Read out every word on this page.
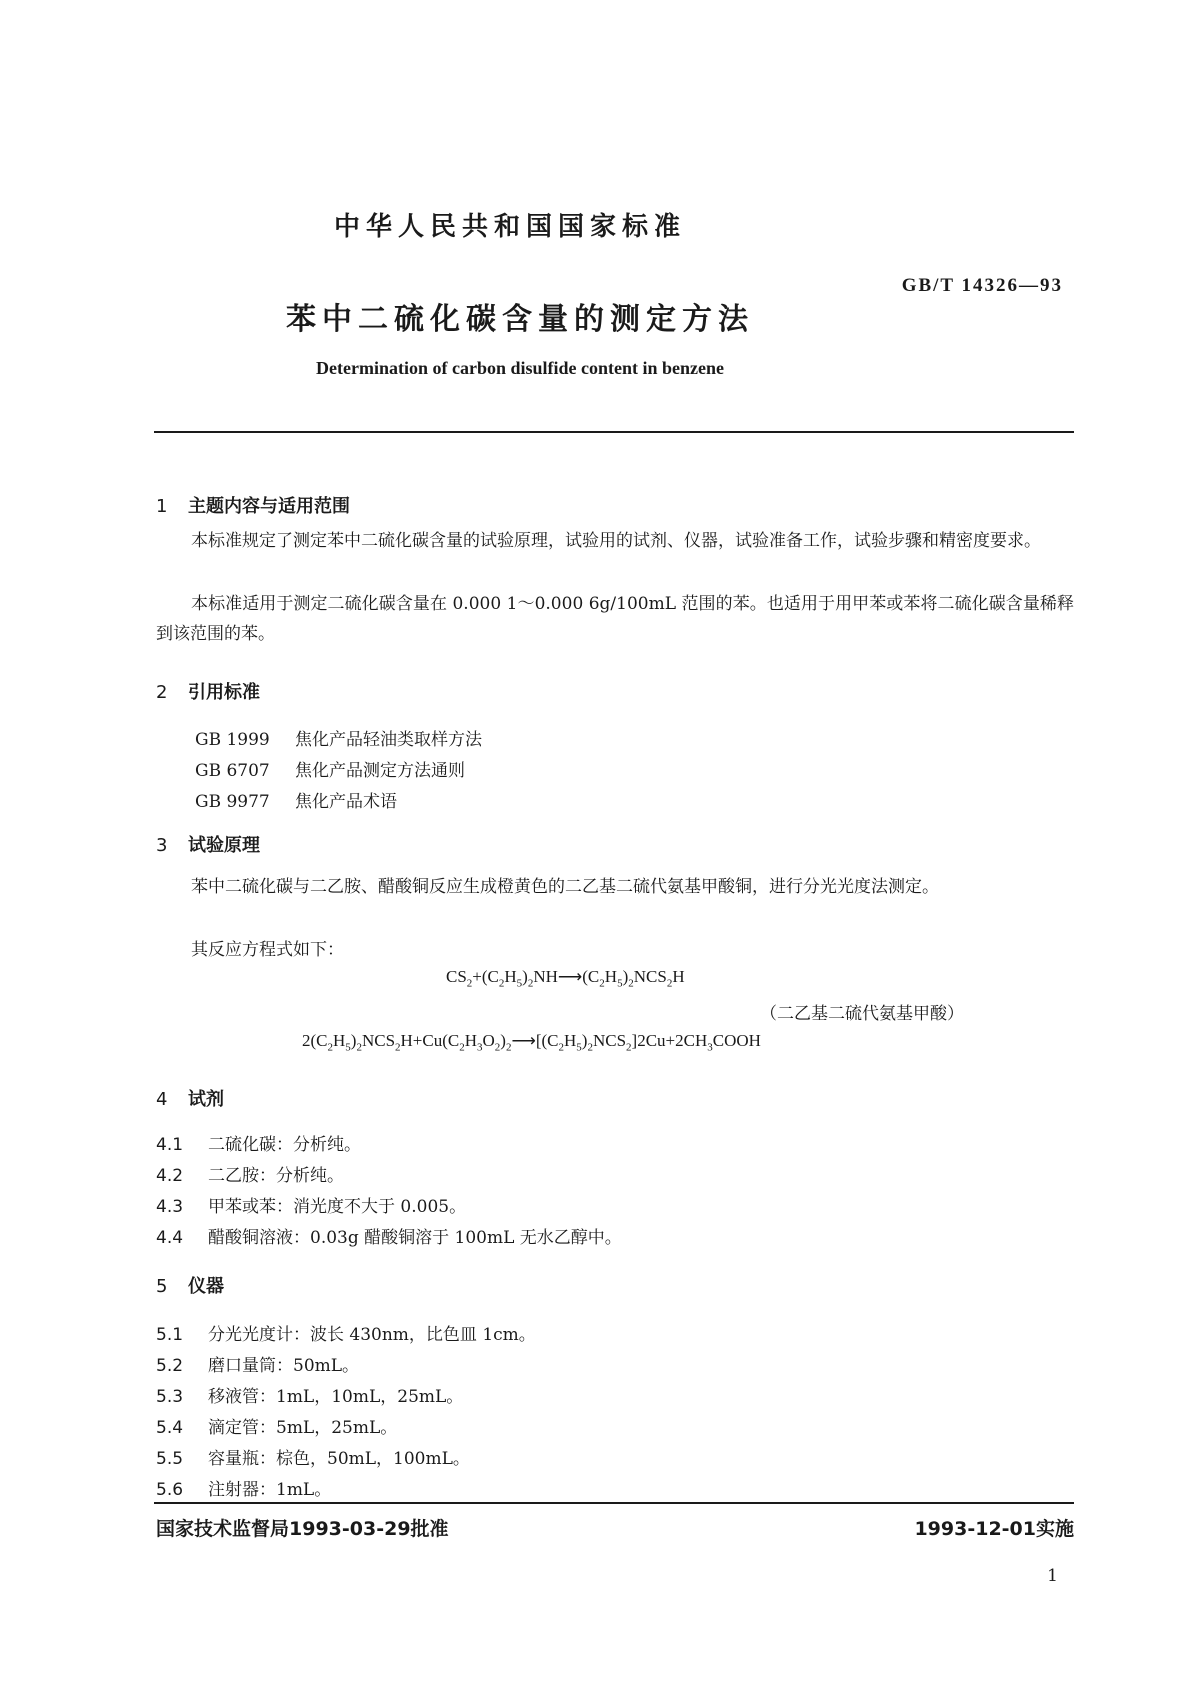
中华人民共和国国家标准
GB/T 14326—93
苯中二硫化碳含量的测定方法
Determination of carbon disulfide content in benzene
1 主题内容与适用范围
本标准规定了测定苯中二硫化碳含量的试验原理，试验用的试剂、仪器，试验准备工作，试验步骤和精密度要求。
本标准适用于测定二硫化碳含量在 0.000 1～0.000 6g/100mL 范围的苯。也适用于用甲苯或苯将二硫化碳含量稀释到该范围的苯。
2 引用标准
GB 1999 焦化产品轻油类取样方法
GB 6707 焦化产品测定方法通则
GB 9977 焦化产品术语
3 试验原理
苯中二硫化碳与二乙胺、醋酸铜反应生成橙黄色的二乙基二硫代氨基甲酸铜，进行分光光度法测定。
其反应方程式如下：
$CS_2+(C_2H_5)_2NH⟶(C_2H_5)_2NCS_2H$
（二乙基二硫代氨基甲酸）
$2(C_2H_5)_2NCS_2H+Cu(C_2H_3O_2)_2⟶[(C_2H_5)_2NCS_2]2Cu+2CH_3COOH$
4 试剂
4.1 二硫化碳：分析纯。
4.2 二乙胺：分析纯。
4.3 甲苯或苯：消光度不大于 0.005。
4.4 醋酸铜溶液：0.03g 醋酸铜溶于 100mL 无水乙醇中。
5 仪器
5.1 分光光度计：波长 430nm，比色皿 1cm。
5.2 磨口量筒：50mL。
5.3 移液管：1mL，10mL，25mL。
5.4 滴定管：5mL，25mL。
5.5 容量瓶：棕色，50mL，100mL。
5.6 注射器：1mL。
国家技术监督局1993-03-29批准	1993-12-01实施
1
